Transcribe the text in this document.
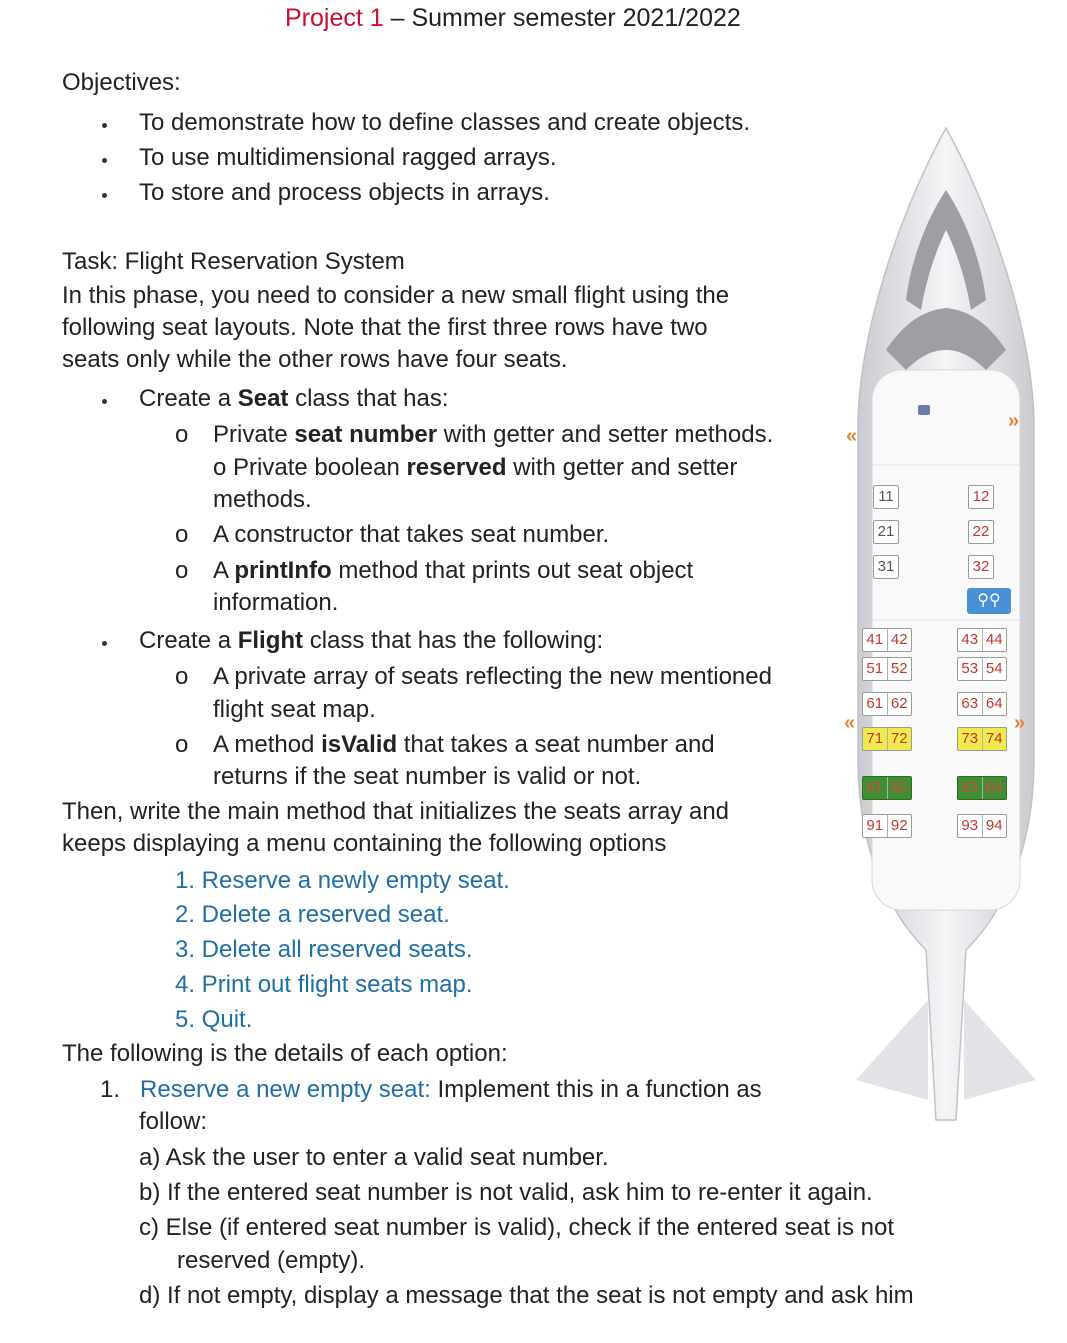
Project 1 – Summer semester 2021/2022
Objectives:
To demonstrate how to define classes and create objects.
To use multidimensional ragged arrays.
To store and process objects in arrays.
Task: Flight Reservation System
In this phase, you need to consider a new small flight using the
following seat layouts. Note that the first three rows have two
seats only while the other rows have four seats.
Create a Seat class that has:
o Private seat number with getter and setter methods.
o Private boolean reserved with getter and setter
methods.
o A constructor that takes seat number.
o A printInfo method that prints out seat object
information.
Create a Flight class that has the following:
o A private array of seats reflecting the new mentioned
flight seat map.
o A method isValid that takes a seat number and
returns if the seat number is valid or not.
Then, write the main method that initializes the seats array and
keeps displaying a menu containing the following options
1. Reserve a newly empty seat.
2. Delete a reserved seat.
3. Delete all reserved seats.
4. Print out flight seats map.
5. Quit.
The following is the details of each option:
1. Reserve a new empty seat: Implement this in a function as
follow:
a) Ask the user to enter a valid seat number.
b) If the entered seat number is not valid, ask him to re-enter it again.
c) Else (if entered seat number is valid), check if the entered seat is not
reserved (empty).
d) If not empty, display a message that the seat is not empty and ask him
11
21
31
12
22
32
⚲⚲
41 42
51 52
61 62
71 72
81 82
91 92
43 44
53 54
63 64
73 74
83 84
93 94
«
»
«	»
